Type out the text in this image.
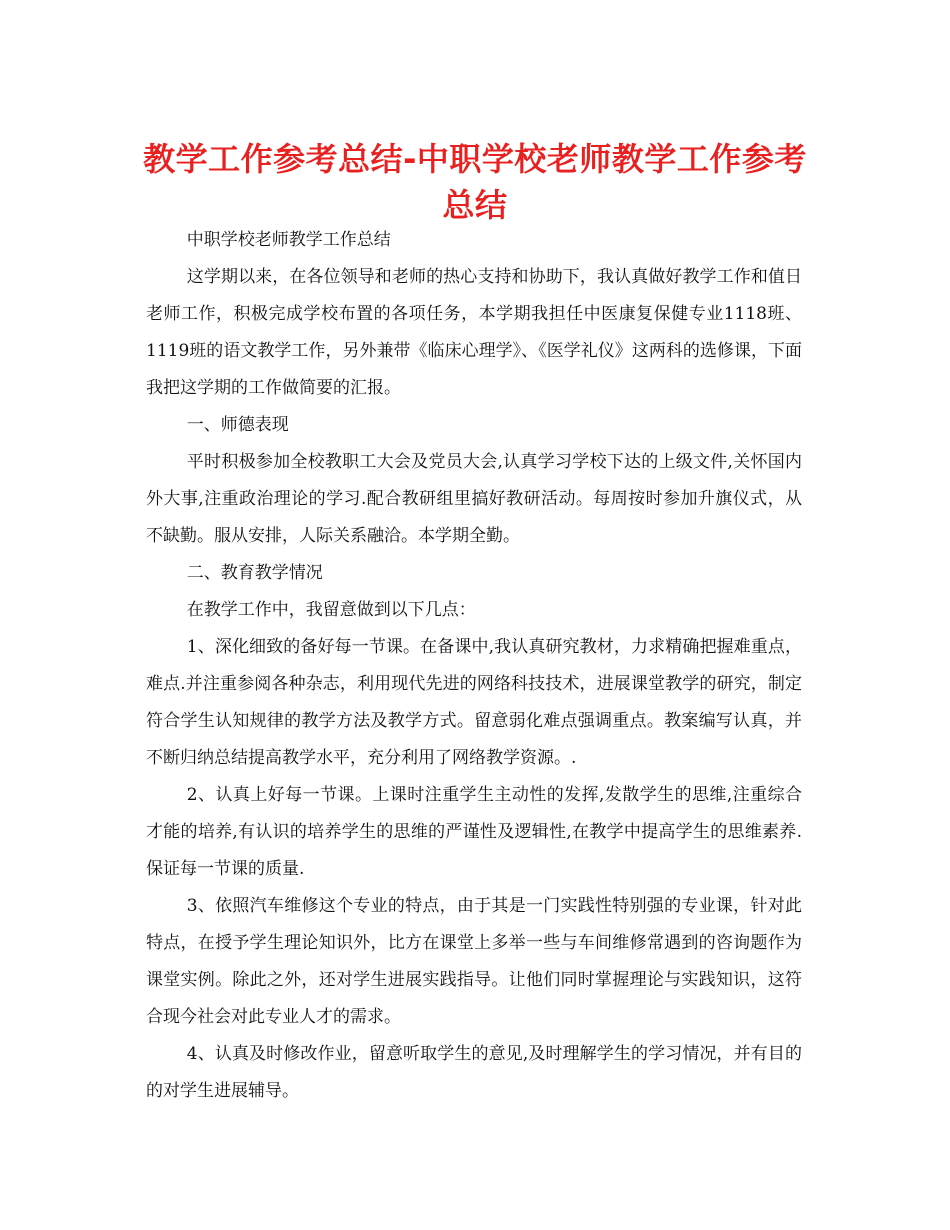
教学工作参考总结-中职学校老师教学工作参考总结

中职学校老师教学工作总结

这学期以来，在各位领导和老师的热心支持和协助下，我认真做好教学工作和值日老师工作，积极完成学校布置的各项任务，本学期我担任中医康复保健专业1118班、1119班的语文教学工作，另外兼带《临床心理学》、《医学礼仪》这两科的选修课，下面我把这学期的工作做简要的汇报。

一、师德表现

平时积极参加全校教职工大会及党员大会,认真学习学校下达的上级文件,关怀国内外大事,注重政治理论的学习.配合教研组里搞好教研活动。每周按时参加升旗仪式，从不缺勤。服从安排，人际关系融洽。本学期全勤。

二、教育教学情况

在教学工作中，我留意做到以下几点：

1、深化细致的备好每一节课。在备课中,我认真研究教材，力求精确把握难重点，难点.并注重参阅各种杂志，利用现代先进的网络科技技术，进展课堂教学的研究，制定符合学生认知规律的教学方法及教学方式。留意弱化难点强调重点。教案编写认真，并不断归纳总结提高教学水平，充分利用了网络教学资源。.

2、认真上好每一节课。上课时注重学生主动性的发挥,发散学生的思维,注重综合才能的培养,有认识的培养学生的思维的严谨性及逻辑性,在教学中提高学生的思维素养.保证每一节课的质量.

3、依照汽车维修这个专业的特点，由于其是一门实践性特别强的专业课，针对此特点，在授予学生理论知识外，比方在课堂上多举一些与车间维修常遇到的咨询题作为课堂实例。除此之外，还对学生进展实践指导。让他们同时掌握理论与实践知识，这符合现今社会对此专业人才的需求。

4、认真及时修改作业，留意听取学生的意见,及时理解学生的学习情况，并有目的的对学生进展辅导。
